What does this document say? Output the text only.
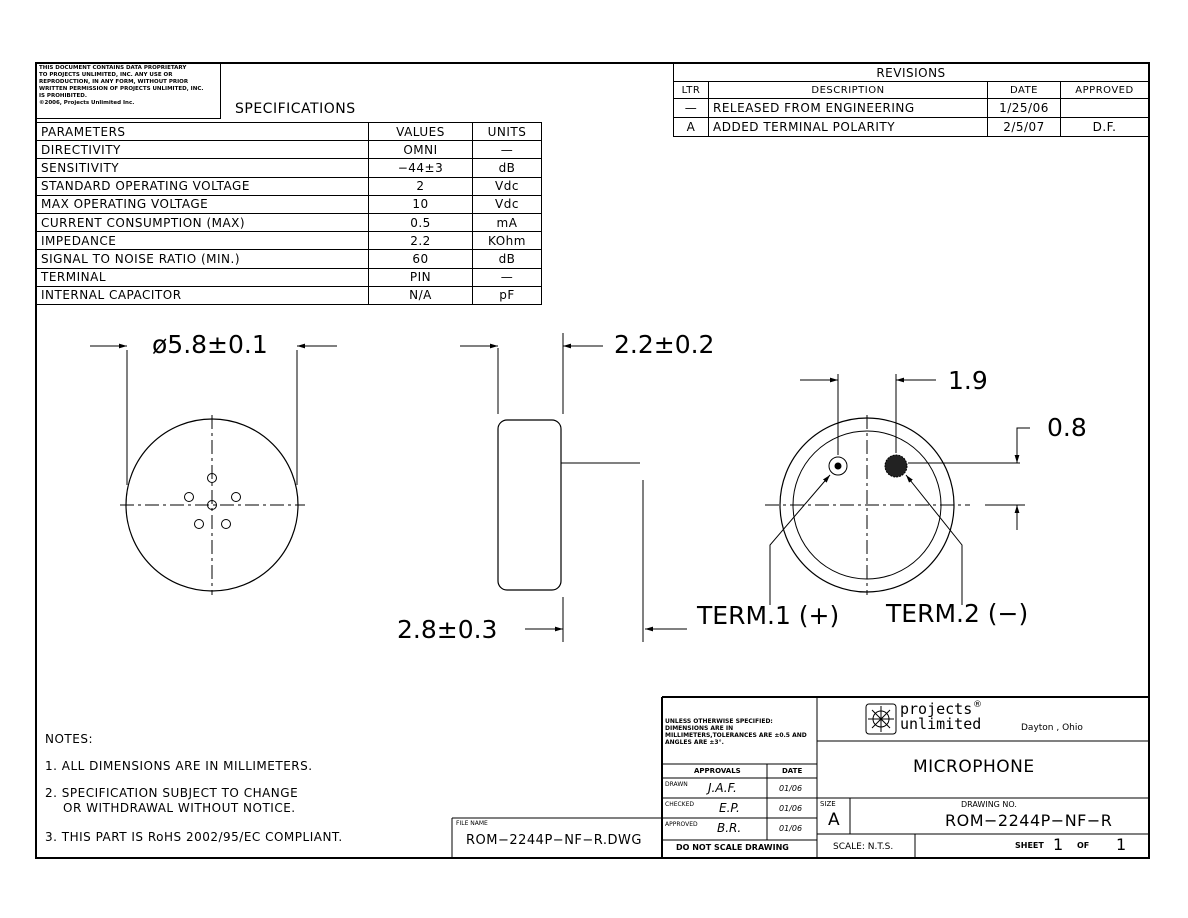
THIS DOCUMENT CONTAINS DATA PROPRIETARY
TO PROJECTS UNLIMITED, INC. ANY USE OR
REPRODUCTION, IN ANY FORM, WITHOUT PRIOR
WRITTEN PERMISSION OF PROJECTS UNLIMITED, INC.
IS PROHIBITED.
©2006, Projects Unlimited Inc.	SPECIFICATIONS
PARAMETERS	VALUES	UNITS
DIRECTIVITY	OMNI	—
SENSITIVITY	−44±3	dB
STANDARD OPERATING VOLTAGE	2	Vdc
MAX OPERATING VOLTAGE	10	Vdc
CURRENT CONSUMPTION (MAX)	0.5	mA
IMPEDANCE	2.2	KOhm
SIGNAL TO NOISE RATIO (MIN.)	60	dB
TERMINAL	PIN	—
INTERNAL CAPACITOR	N/A	pF
REVISIONS			
LTR	DESCRIPTION	DATE	APPROVED
—	RELEASED FROM ENGINEERING	1/25/06	
A	ADDED TERMINAL POLARITY	2/5/07	D.F.
ø5.8±0.1	2.2±0.2
2.8±0.3
1.9
0.8
TERM.1 (+) TERM.2 (−)
NOTES:
1. ALL DIMENSIONS ARE IN MILLIMETERS.
2. SPECIFICATION SUBJECT TO CHANGE
OR WITHDRAWAL WITHOUT NOTICE.
3. THIS PART IS RoHS 2002/95/EC COMPLIANT.
FILE NAME
ROM−2244P−NF−R.DWG
UNLESS OTHERWISE SPECIFIED:
DIMENSIONS ARE IN
MILLIMETERS,TOLERANCES ARE ±0.5 AND
ANGLES ARE ±3°.
APPROVALS	DATE
DRAWN J.A.F.	01/06
CHECKED E.P.	01/06
APPROVED B.R.	01/06
DO NOT SCALE DRAWING
projects ®
unlimited	Dayton , Ohio
MICROPHONE
SIZE
A
DRAWING NO.
ROM−2244P−NF−R
SCALE: N.T.S.	SHEET 1 OF 1
